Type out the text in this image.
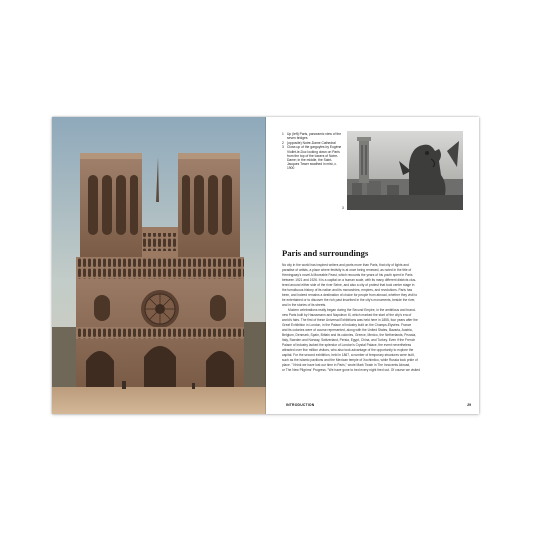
1 Up (left) Paris, panoramic view of the seven bridges
2 (opposite) Notre-Dame Cathedral
3 Close-up of the gargoyles by Eugène Viollet-le-Duc looking down on Paris from the top of the towers of Notre-Dame; in the middle, the Saint-Jacques Tower swathed in mist, c. 1900
3
Paris and surroundings
No city in the world has inspired writers and poets more than Paris, that city of lights and
paradise of artists, a place where festivity is at once being renewed, as noted in the title of
Hemingway's novel A Moveable Feast, which recounts the years of his youth spent in Paris
between 1921 and 1926. It is a capital on a human scale, with its many different districts clus-
tered around either side of the river Seine, and also a city of protest that took center stage in
the tumultuous history of its nation and its monarchies, empires, and revolutions. Paris has
been, and indeed remains a destination of choice for people from abroad, whether they visit to
be entertained or to discover the rich past inscribed in the city's monuments, beside the river,
and in the stories of its streets.
Modern celebrations really began during the Second Empire, in the ambitious and brand-
new Paris built by Haussmann and Napoleon III, which marked the start of the city's era of
world's fairs. The first of these Universal Exhibitions was held here in 1855, four years after the
Great Exhibition in London, in the Palace of Industry built on the Champs-Élysées. France
and its colonies were of course represented, along with the United States, Bavaria, Austria,
Belgium, Denmark, Spain, Britain and its colonies, Greece, Mexico, the Netherlands, Prussia,
Italy, Sweden and Norway, Switzerland, Persia, Egypt, China, and Turkey. Even if the French
Palace of Industry lacked the splendor of London's Crystal Palace, the event nevertheless
attracted over five million visitors, who also took advantage of the opportunity to explore the
capital. For the second exhibition, held in 1867, a number of temporary structures were built,
such as the Islamic pavilions and the Mexican temple of Xochimilco, while Russia took pride of
place. "I think we have lost our time in Paris," wrote Mark Twain in The Innocents Abroad,
or The New Pilgrims' Progress. "We have gone to bed every night tired out. Of course we visited
INTRODUCTION	29
